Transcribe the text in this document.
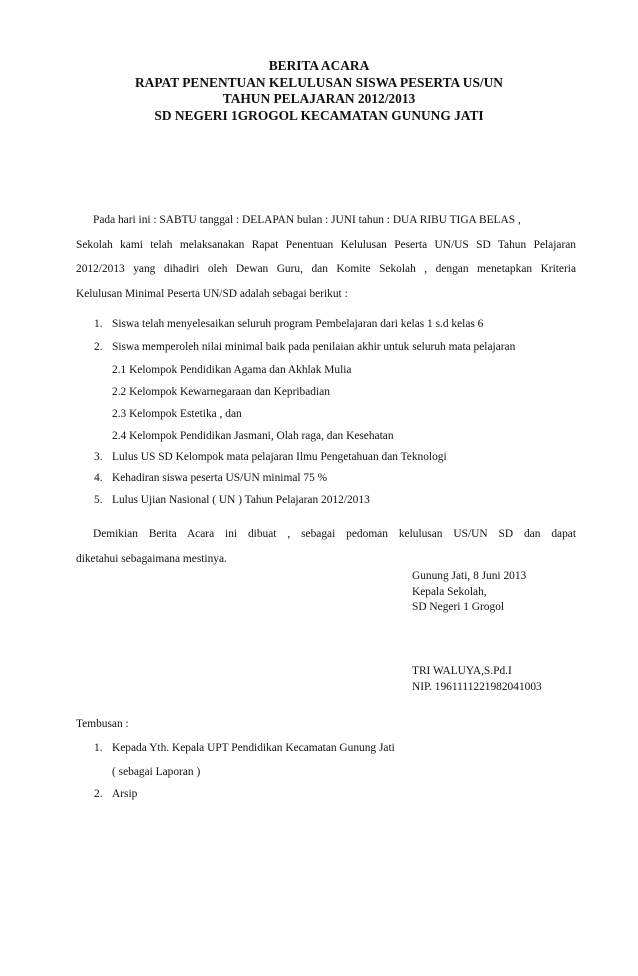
BERITA ACARA
RAPAT PENENTUAN KELULUSAN SISWA PESERTA US/UN
TAHUN PELAJARAN 2012/2013
SD NEGERI 1GROGOL KECAMATAN GUNUNG JATI
Pada hari ini : SABTU tanggal : DELAPAN bulan : JUNI tahun : DUA RIBU TIGA BELAS ,
Sekolah kami telah melaksanakan Rapat Penentuan Kelulusan Peserta UN/US SD Tahun Pelajaran
2012/2013 yang dihadiri oleh Dewan Guru, dan Komite Sekolah , dengan menetapkan Kriteria
Kelulusan Minimal Peserta UN/SD adalah sebagai berikut :
1. Siswa telah menyelesaikan seluruh program Pembelajaran dari kelas 1 s.d kelas 6
2. Siswa memperoleh nilai minimal baik pada penilaian akhir untuk seluruh mata pelajaran
2.1 Kelompok Pendidikan Agama dan Akhlak Mulia
2.2 Kelompok Kewarnegaraan dan Kepribadian
2.3 Kelompok Estetika , dan
2.4 Kelompok Pendidikan Jasmani, Olah raga, dan Kesehatan
3. Lulus US SD Kelompok mata pelajaran Ilmu Pengetahuan dan Teknologi
4. Kehadiran siswa peserta US/UN minimal 75 %
5. Lulus Ujian Nasional ( UN ) Tahun Pelajaran 2012/2013
Demikian Berita Acara ini dibuat , sebagai pedoman kelulusan US/UN SD dan dapat
diketahui sebagaimana mestinya.
Gunung Jati, 8 Juni 2013
Kepala Sekolah,
SD Negeri 1 Grogol
TRI WALUYA,S.Pd.I
NIP. 1961111221982041003
Tembusan :
1. Kepada Yth. Kepala UPT Pendidikan Kecamatan Gunung Jati
( sebagai Laporan )
2. Arsip
